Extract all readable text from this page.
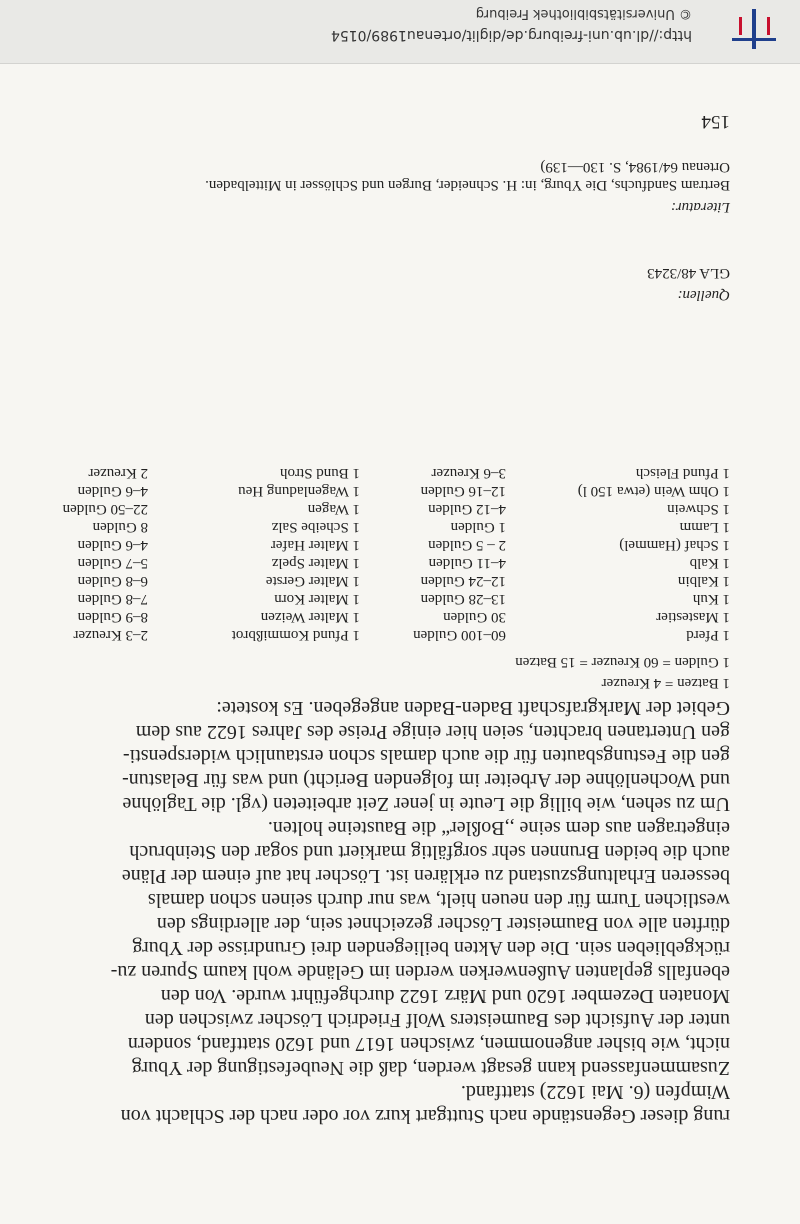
rung dieser Gegenstände nach Stuttgart kurz vor oder nach der Schlacht von
Wimpfen (6. Mai 1622) stattfand.
Zusammenfassend kann gesagt werden, daß die Neubefestigung der Yburg
nicht, wie bisher angenommen, zwischen 1617 und 1620 stattfand, sondern
unter der Aufsicht des Baumeisters Wolf Friedrich Löscher zwischen den
Monaten Dezember 1620 und März 1622 durchgeführt wurde. Von den
ebenfalls geplanten Außenwerken werden im Gelände wohl kaum Spuren zu-
rückgeblieben sein. Die den Akten beiliegenden drei Grundrisse der Yburg
dürften alle von Baumeister Löscher gezeichnet sein, der allerdings den
westlichen Turm für den neuen hielt, was nur durch seinen schon damals
besseren Erhaltungszustand zu erklären ist. Löscher hat auf einem der Pläne
auch die beiden Brunnen sehr sorgfältig markiert und sogar den Steinbruch
eingetragen aus dem seine ,,Boßler“ die Bausteine holten.
Um zu sehen, wie billig die Leute in jener Zeit arbeiteten (vgl. die Taglöhne
und Wochenlöhne der Arbeiter im folgenden Bericht) und was für Belastun-
gen die Festungsbauten für die auch damals schon erstaunlich widerspensti-
gen Untertanen brachten, seien hier einige Preise des Jahres 1622 aus dem
Gebiet der Markgrafschaft Baden-Baden angegeben. Es kostete:
1 Batzen = 4 Kreuzer
1 Gulden = 60 Kreuzer = 15 Batzen
1 Pferd
60–100 Gulden
1 Pfund Kommißbrot
2–3 Kreuzer
1 Mastestier
30 Gulden
1 Malter Weizen
8–9 Gulden
1 Kuh
13–28 Gulden
1 Malter Korn
7–8 Gulden
1 Kalbin
12–24 Gulden
1 Malter Gerste
6–8 Gulden
1 Kalb
4–11 Gulden
1 Malter Spelz
5–7 Gulden
1 Schaf (Hammel)
2 – 5 Gulden
1 Malter Hafer
4–6 Gulden
1 Lamm
1 Gulden
1 Scheibe Salz
8 Gulden
1 Schwein
4–12 Gulden
1 Wagen
22–50 Gulden
1 Ohm Wein (etwa 150 l)
12–16 Gulden
1 Wagenladung Heu
4–6 Gulden
1 Pfund Fleisch
3–6 Kreuzer
1 Bund Stroh
2 Kreuzer
Quellen:
GLA 48/3243
Literatur:
Bertram Sandfuchs, Die Yburg, in: H. Schneider, Burgen und Schlösser in Mittelbaden.
Ortenau 64/1984, S. 130—139)
154
http://dl.ub.uni-freiburg.de/diglit/ortenau1989/0154
© Universitätsbibliothek Freiburg
